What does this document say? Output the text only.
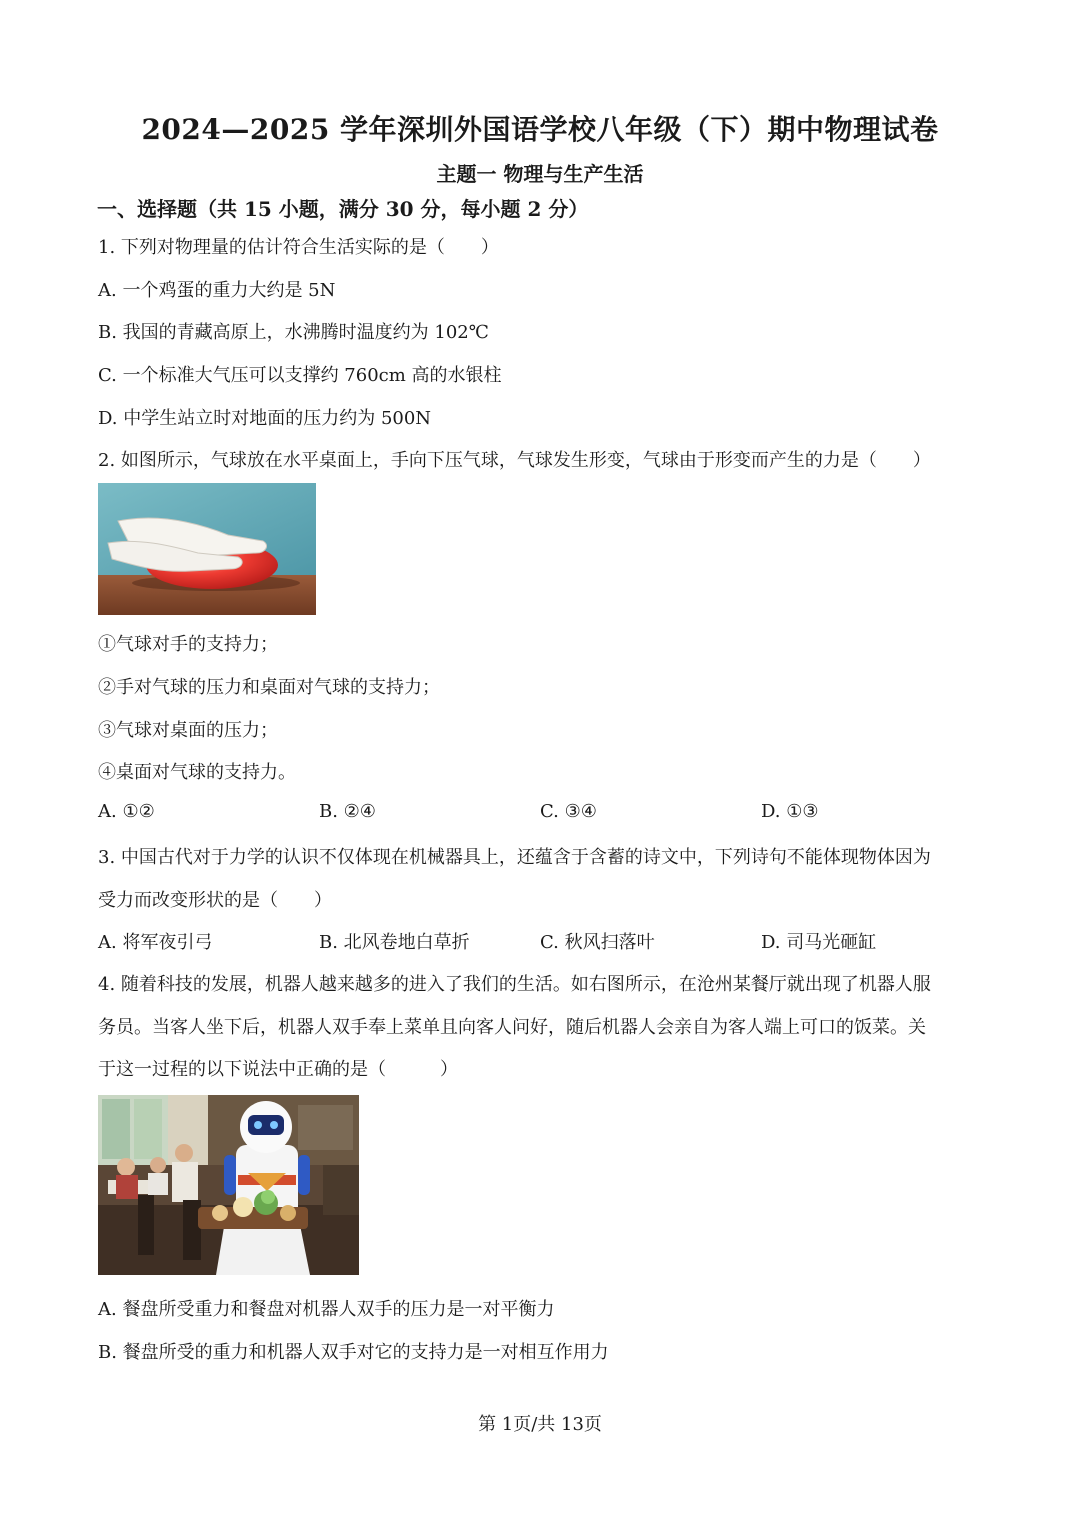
2024—2025 学年深圳外国语学校八年级（下）期中物理试卷
主题一 物理与生产生活
一、选择题（共 15 小题，满分 30 分，每小题 2 分）
1. 下列对物理量的估计符合生活实际的是（　　）
A. 一个鸡蛋的重力大约是 5N
B. 我国的青藏高原上，水沸腾时温度约为 102℃
C. 一个标准大气压可以支撑约 760cm 高的水银柱
D. 中学生站立时对地面的压力约为 500N
2. 如图所示，气球放在水平桌面上，手向下压气球，气球发生形变，气球由于形变而产生的力是（　　）
①气球对手的支持力；
②手对气球的压力和桌面对气球的支持力；
③气球对桌面的压力；
④桌面对气球的支持力。
A. ①②	B. ②④	C. ③④	D. ①③
3. 中国古代对于力学的认识不仅体现在机械器具上，还蕴含于含蓄的诗文中，下列诗句不能体现物体因为
受力而改变形状的是（　　）
A. 将军夜引弓	B. 北风卷地白草折	C. 秋风扫落叶	D. 司马光砸缸
4. 随着科技的发展，机器人越来越多的进入了我们的生活。如右图所示，在沧州某餐厅就出现了机器人服
务员。当客人坐下后，机器人双手奉上菜单且向客人问好，随后机器人会亲自为客人端上可口的饭菜。关
于这一过程的以下说法中正确的是（　　　）
A. 餐盘所受重力和餐盘对机器人双手的压力是一对平衡力
B. 餐盘所受的重力和机器人双手对它的支持力是一对相互作用力
第 1页/共 13页
